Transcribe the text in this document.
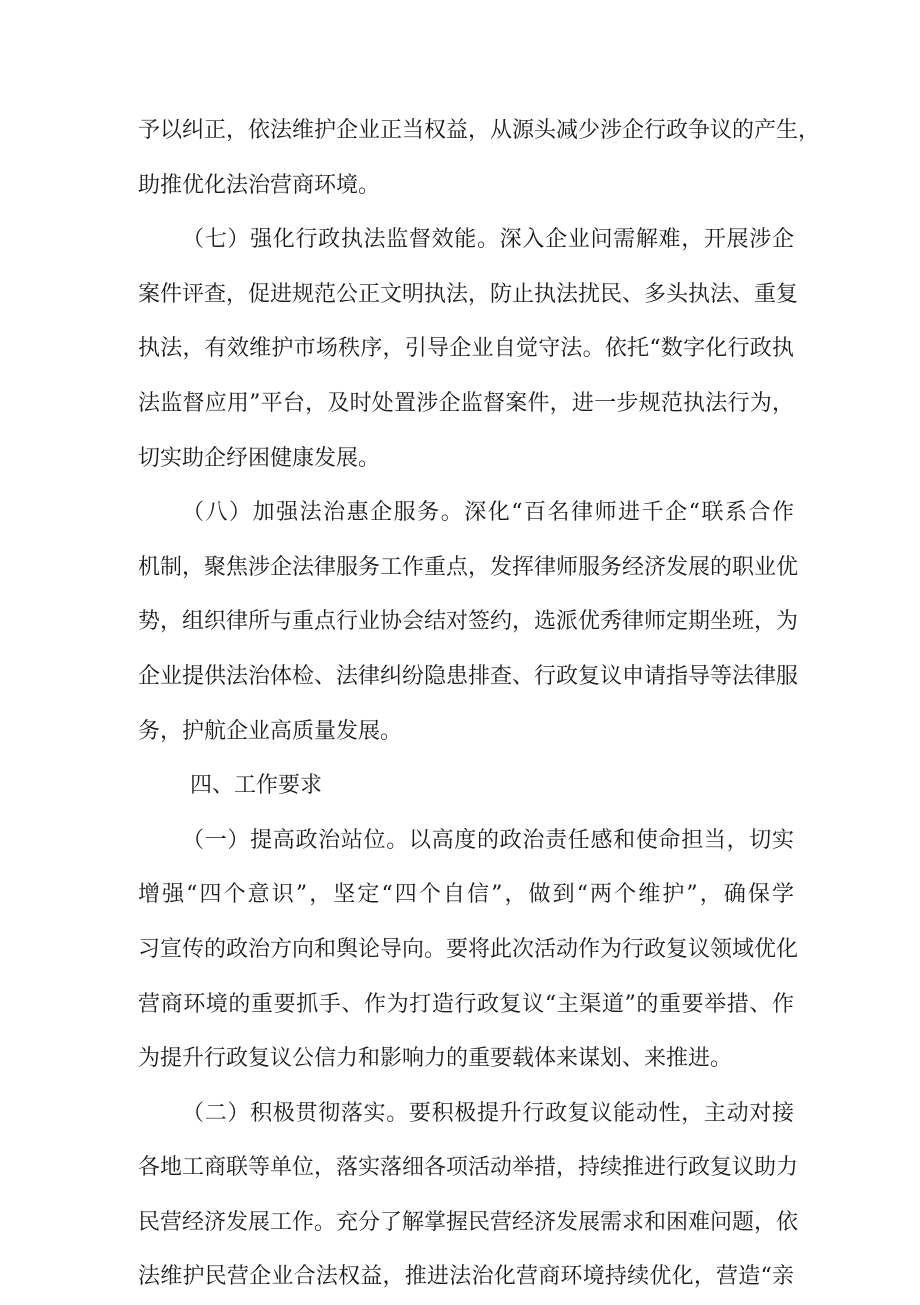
予以纠正，依法维护企业正当权益，从源头减少涉企行政争议的产生，
助推优化法治营商环境。
（七）强化行政执法监督效能。深入企业问需解难，开展涉企
案件评查，促进规范公正文明执法，防止执法扰民、多头执法、重复
执法，有效维护市场秩序，引导企业自觉守法。依托“数字化行政执
法监督应用”平台，及时处置涉企监督案件，进一步规范执法行为，
切实助企纾困健康发展。
（八）加强法治惠企服务。深化“百名律师进千企“联系合作
机制，聚焦涉企法律服务工作重点，发挥律师服务经济发展的职业优
势，组织律所与重点行业协会结对签约，选派优秀律师定期坐班，为
企业提供法治体检、法律纠纷隐患排查、行政复议申请指导等法律服
务，护航企业高质量发展。
四、工作要求
（一）提高政治站位。以高度的政治责任感和使命担当，切实
增强“四个意识”，坚定“四个自信”，做到“两个维护”，确保学
习宣传的政治方向和舆论导向。要将此次活动作为行政复议领域优化
营商环境的重要抓手、作为打造行政复议“主渠道”的重要举措、作
为提升行政复议公信力和影响力的重要载体来谋划、来推进。
（二）积极贯彻落实。要积极提升行政复议能动性，主动对接
各地工商联等单位，落实落细各项活动举措，持续推进行政复议助力
民营经济发展工作。充分了解掌握民营经济发展需求和困难问题，依
法维护民营企业合法权益，推进法治化营商环境持续优化，营造“亲
